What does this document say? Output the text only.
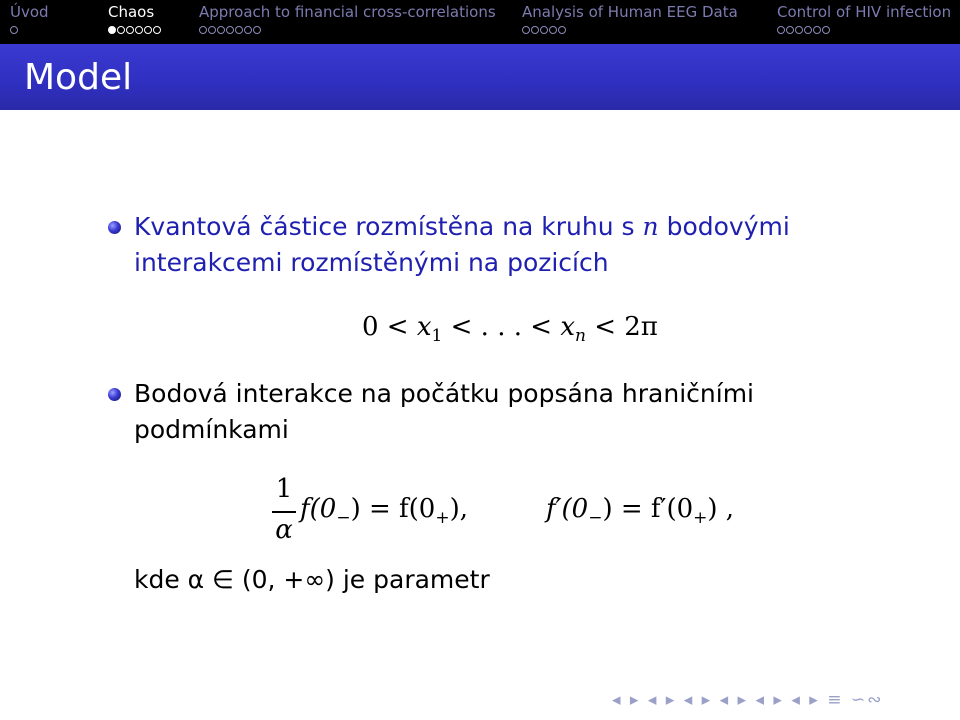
Úvod	Chaos	Approach to financial cross-correlations Analysis of Human EEG Data	Control of HIV infection
Model
Kvantová částice rozmístěna na kruhu s n bodovými
interakcemi rozmístěnými na pozicích
$0 < x_1$ < . . . < $x_n < 2\pi$
Bodová interakce na počátku popsána hraničními
podmínkami
1
α
$f(0_-) = f(0_+)$,	$f'(0_-) = f'(0_+)$ ,
kde α ∈ (0, +∞) je parametr
◂ ▸ ◂ ▸ ◂ ▸ ◂ ▸ ◂ ▸ ◂ ▸ ≡ ∽∾
